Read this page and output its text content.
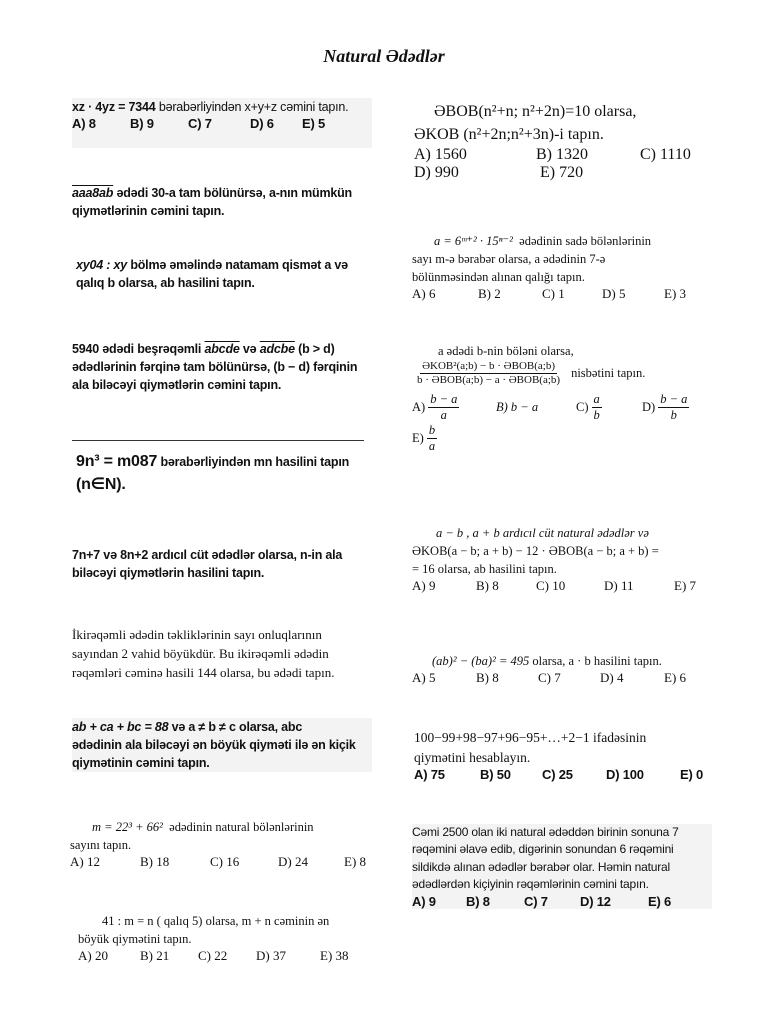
Natural Ədədlər
xz · 4yz = 7344 bərabərliyindən x+y+z cəmini tapın.
A) 8	B) 9	C) 7	D) 6	E) 5
aaa8ab ədədi 30-a tam bölünürsə, a-nın mümkün
qiymətlərinin cəmini tapın.
xy04 : xy bölmə əməlində natamam qismət a və
qalıq b olarsa, ab hasilini tapın.
5940 ədədi beşrəqəmli abcde və adcbe (b > d)
ədədlərinin fərqinə tam bölünürsə, (b − d) fərqinin
ala biləcəyi qiymətlərin cəmini tapın.
9n³ = m087 bərabərliyindən mn hasilini tapın
(n∈N).
7n+7 və 8n+2 ardıcıl cüt ədədlər olarsa, n-in ala
biləcəyi qiymətlərin hasilini tapın.
İkirəqəmli ədədin təkliklərinin sayı onluqlarının
sayından 2 vahid böyükdür. Bu ikirəqəmli ədədin
rəqəmləri cəminə hasili 144 olarsa, bu ədədi tapın.
ab + ca + bc = 88 və a ≠ b ≠ c olarsa, abc
ədədinin ala biləcəyi ən böyük qiyməti ilə ən kiçik
qiymətinin cəmini tapın.
m = 22³ + 66² ədədinin natural bölənlərinin
sayını tapın.
A) 12	B) 18	C) 16	D) 24	E) 8
41 : m = n ( qalıq 5) olarsa, m + n cəminin ən
böyük qiymətini tapın.
A) 20	B) 21	C) 22	D) 37	E) 38
ƏBOB(n²+n; n²+2n)=10 olarsa,
ƏKOB (n²+2n;n²+3n)-i tapın.
A) 1560	B) 1320	C) 1110
D) 990	E) 720
a = 6ᵐ⁺² · 15ⁿ⁻² ədədinin sadə bölənlərinin
sayı m-ə bərabər olarsa, a ədədinin 7-ə
bölünməsindən alınan qalığı tapın.
A) 6	B) 2	C) 1	D) 5	E) 3
a ədədi b-nin böləni olarsa,
$\frac{\text{ƏKOB²(a;b) − b · ƏBOB(a;b)}}{\text{b · ƏBOB(a;b) − a · ƏBOB(a;b)}}$ nisbətini tapın.
$A) \frac{b - a}{a}$	B) b − a	$C) \frac{a}{b}$	$D) \frac{b - a}{b}$
$E) \frac{b}{a}$
a − b , a + b ardıcıl cüt natural ədədlər və
ƏKOB(a − b; a + b) − 12 · ƏBOB(a − b; a + b) =
= 16 olarsa, ab hasilini tapın.
A) 9	B) 8	C) 10	D) 11	E) 7
(ab)² − (ba)² = 495 olarsa, a · b hasilini tapın.
A) 5	B) 8	C) 7	D) 4	E) 6
100−99+98−97+96−95+…+2−1 ifadəsinin
qiymətini hesablayın.
A) 75	B) 50	C) 25	D) 100	E) 0
Cəmi 2500 olan iki natural ədəddən birinin sonuna 7
rəqəmini əlavə edib, digərinin sonundan 6 rəqəmini
sildikdə alınan ədədlər bərabər olar. Həmin natural
ədədlərdən kiçiyinin rəqəmlərinin cəmini tapın.
A) 9	B) 8	C) 7	D) 12	E) 6
